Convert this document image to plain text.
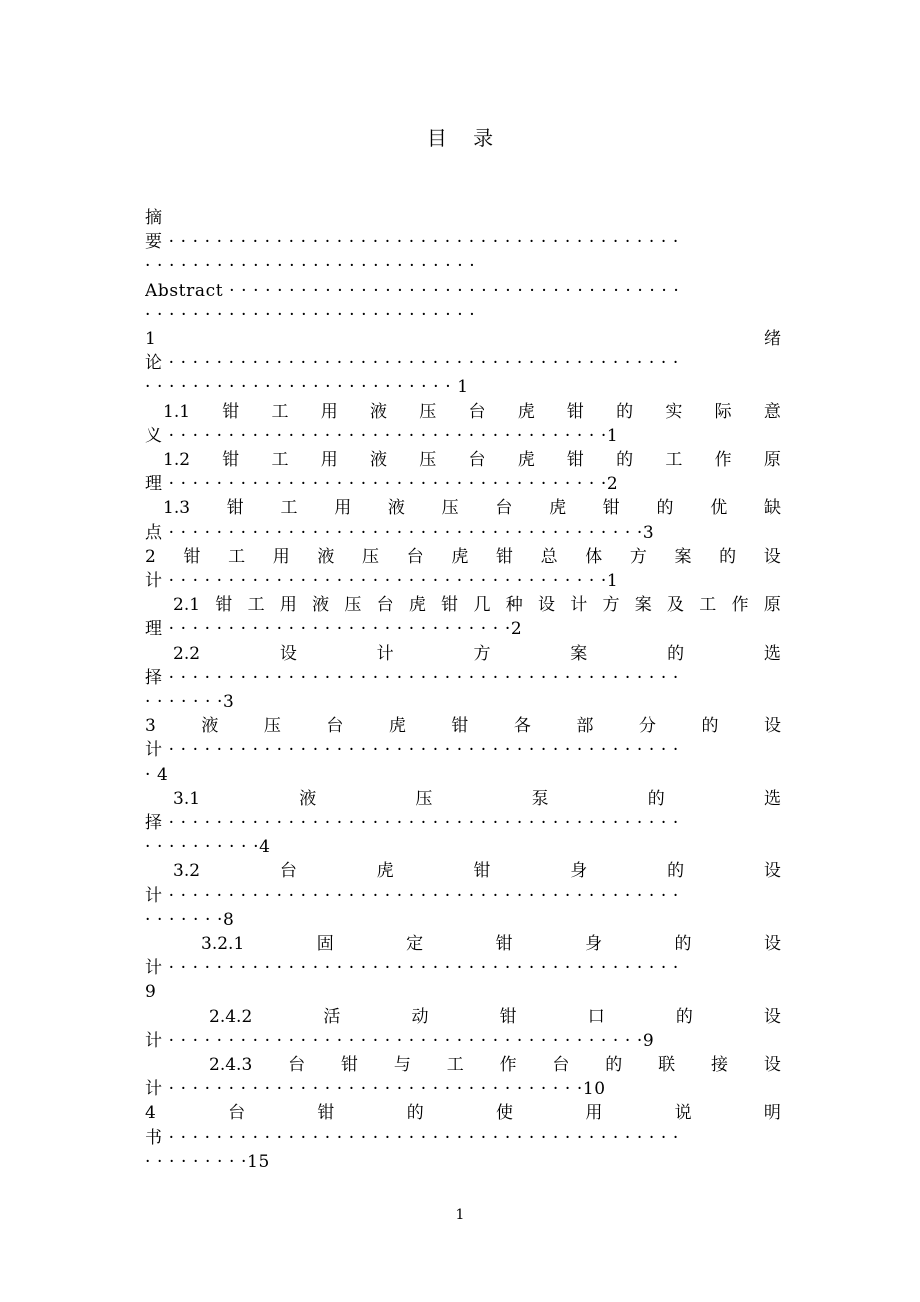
目 录
摘
要 · · · · · · · · · · · · · · · · · · · · · · · · · · · · · · · · · · · · · · · · · · ·
· · · · · · · · · · · · · · · · · · · · · · · · · · · ·
Abstract · · · · · · · · · · · · · · · · · · · · · · · · · · · · · · · · · · · · · ·
· · · · · · · · · · · · · · · · · · · · · · · · · · · ·
1	绪
论 · · · · · · · · · · · · · · · · · · · · · · · · · · · · · · · · · · · · · · · · · · ·
· · · · · · · · · · · · · · · · · · · · · · · · · · 1
1.1 钳 工 用 液 压 台 虎 钳 的 实 际 意
义 · · · · · · · · · · · · · · · · · · · · · · · · · · · · · · · · · · · · ·1
1.2 钳 工 用 液 压 台 虎 钳 的 工 作 原
理 · · · · · · · · · · · · · · · · · · · · · · · · · · · · · · · · · · · · ·2
1.3 钳 工 用 液 压 台 虎 钳 的 优 缺
点 · · · · · · · · · · · · · · · · · · · · · · · · · · · · · · · · · · · · · · · ·3
2 钳 工 用 液 压 台 虎 钳 总 体 方 案 的 设
计 · · · · · · · · · · · · · · · · · · · · · · · · · · · · · · · · · · · · ·1
2.1 钳 工 用 液 压 台 虎 钳 几 种 设 计 方 案 及 工 作 原
理 · · · · · · · · · · · · · · · · · · · · · · · · · · · · ·2
2.2	设	计	方	案	的	选
择 · · · · · · · · · · · · · · · · · · · · · · · · · · · · · · · · · · · · · · · · · · ·
· · · · · · ·3
3	液	压	台	虎	钳	各	部	分	的	设
计 · · · · · · · · · · · · · · · · · · · · · · · · · · · · · · · · · · · · · · · · · · ·
· 4
3.1	液	压	泵	的	选
择 · · · · · · · · · · · · · · · · · · · · · · · · · · · · · · · · · · · · · · · · · · ·
· · · · · · · · · ·4
3.2	台	虎	钳	身	的	设
计 · · · · · · · · · · · · · · · · · · · · · · · · · · · · · · · · · · · · · · · · · · ·
· · · · · · ·8
3.2.1	固	定	钳	身	的	设
计 · · · · · · · · · · · · · · · · · · · · · · · · · · · · · · · · · · · · · · · · · · ·
9
2.4.2	活	动	钳	口	的	设
计 · · · · · · · · · · · · · · · · · · · · · · · · · · · · · · · · · · · · · · · ·9
2.4.3 台 钳 与 工 作 台 的 联 接 设
计 · · · · · · · · · · · · · · · · · · · · · · · · · · · · · · · · · · ·10
4	台	钳	的	使	用	说	明
书 · · · · · · · · · · · · · · · · · · · · · · · · · · · · · · · · · · · · · · · · · · ·
· · · · · · · · ·15
1
